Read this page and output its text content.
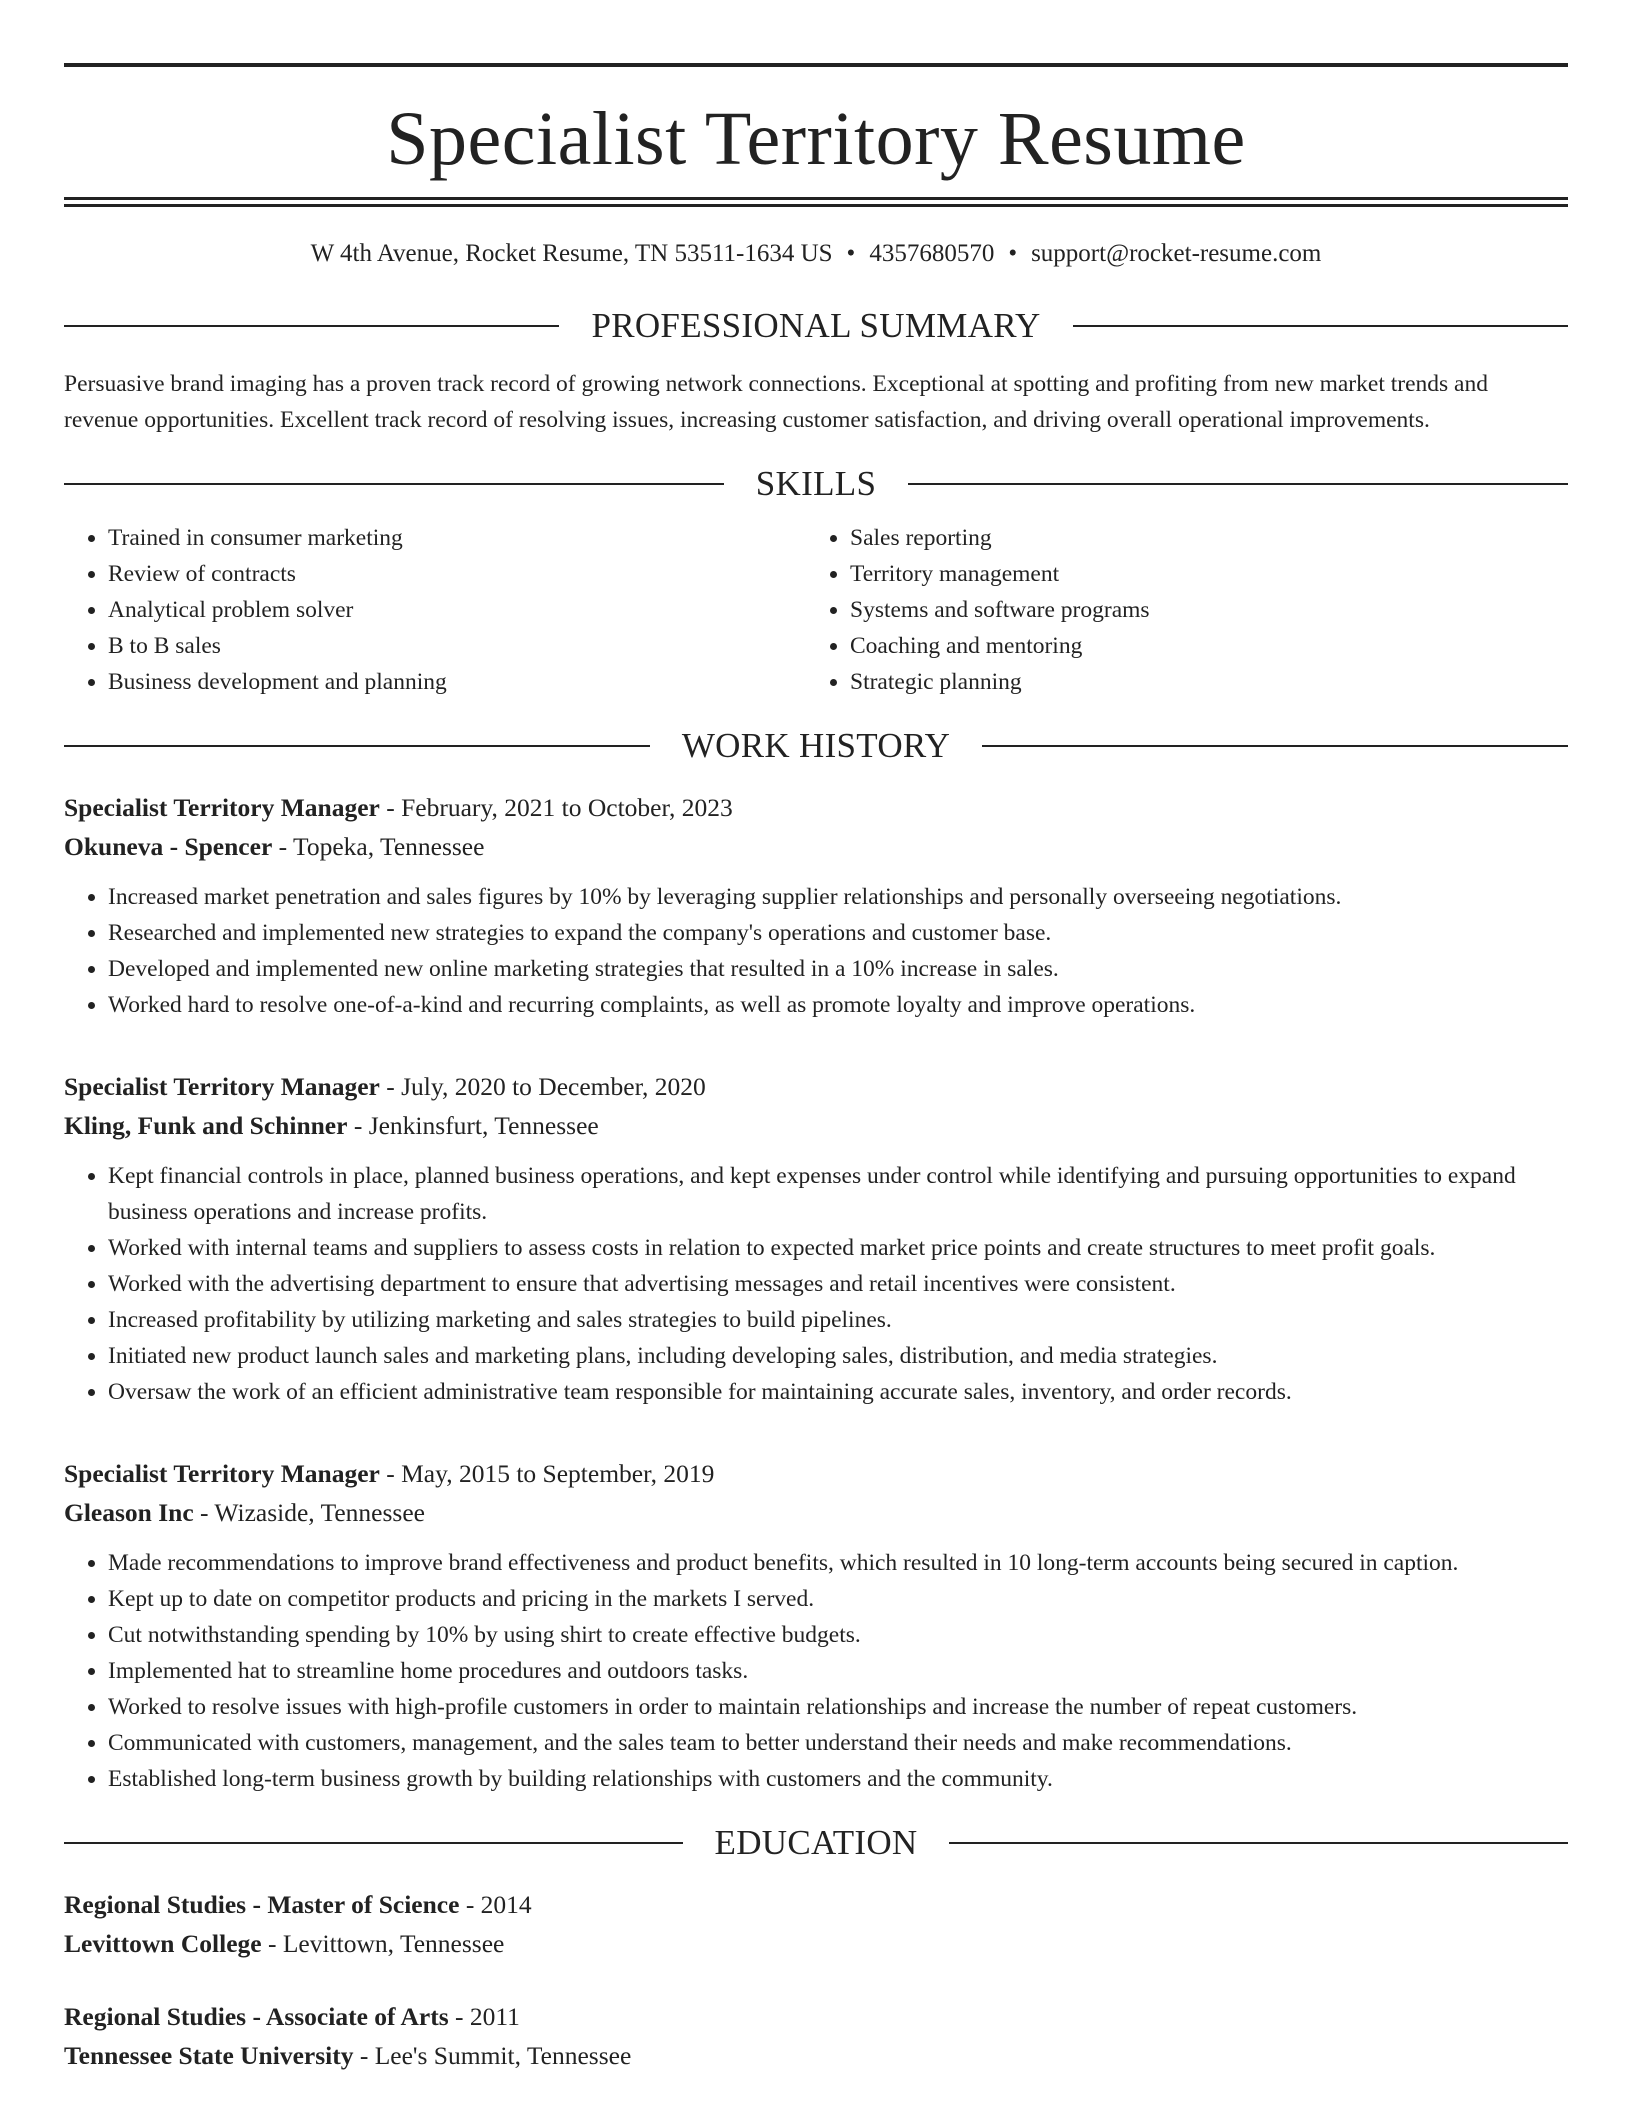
Specialist Territory Resume
W 4th Avenue, Rocket Resume, TN 53511-1634 US • 4357680570 • support@rocket-resume.com
PROFESSIONAL SUMMARY
Persuasive brand imaging has a proven track record of growing network connections. Exceptional at spotting and profiting from new market trends and revenue opportunities. Excellent track record of resolving issues, increasing customer satisfaction, and driving overall operational improvements.
SKILLS
• Trained in consumer marketing
• Review of contracts
• Analytical problem solver
• B to B sales
• Business development and planning
• Sales reporting
• Territory management
• Systems and software programs
• Coaching and mentoring
• Strategic planning
WORK HISTORY
Specialist Territory Manager - February, 2021 to October, 2023
Okuneva - Spencer - Topeka, Tennessee
• Increased market penetration and sales figures by 10% by leveraging supplier relationships and personally overseeing negotiations.
• Researched and implemented new strategies to expand the company's operations and customer base.
• Developed and implemented new online marketing strategies that resulted in a 10% increase in sales.
• Worked hard to resolve one-of-a-kind and recurring complaints, as well as promote loyalty and improve operations.
Specialist Territory Manager - July, 2020 to December, 2020
Kling, Funk and Schinner - Jenkinsfurt, Tennessee
• Kept financial controls in place, planned business operations, and kept expenses under control while identifying and pursuing opportunities to expand business operations and increase profits.
• Worked with internal teams and suppliers to assess costs in relation to expected market price points and create structures to meet profit goals.
• Worked with the advertising department to ensure that advertising messages and retail incentives were consistent.
• Increased profitability by utilizing marketing and sales strategies to build pipelines.
• Initiated new product launch sales and marketing plans, including developing sales, distribution, and media strategies.
• Oversaw the work of an efficient administrative team responsible for maintaining accurate sales, inventory, and order records.
Specialist Territory Manager - May, 2015 to September, 2019
Gleason Inc - Wizaside, Tennessee
• Made recommendations to improve brand effectiveness and product benefits, which resulted in 10 long-term accounts being secured in caption.
• Kept up to date on competitor products and pricing in the markets I served.
• Cut notwithstanding spending by 10% by using shirt to create effective budgets.
• Implemented hat to streamline home procedures and outdoors tasks.
• Worked to resolve issues with high-profile customers in order to maintain relationships and increase the number of repeat customers.
• Communicated with customers, management, and the sales team to better understand their needs and make recommendations.
• Established long-term business growth by building relationships with customers and the community.
EDUCATION
Regional Studies - Master of Science - 2014
Levittown College - Levittown, Tennessee
Regional Studies - Associate of Arts - 2011
Tennessee State University - Lee's Summit, Tennessee
